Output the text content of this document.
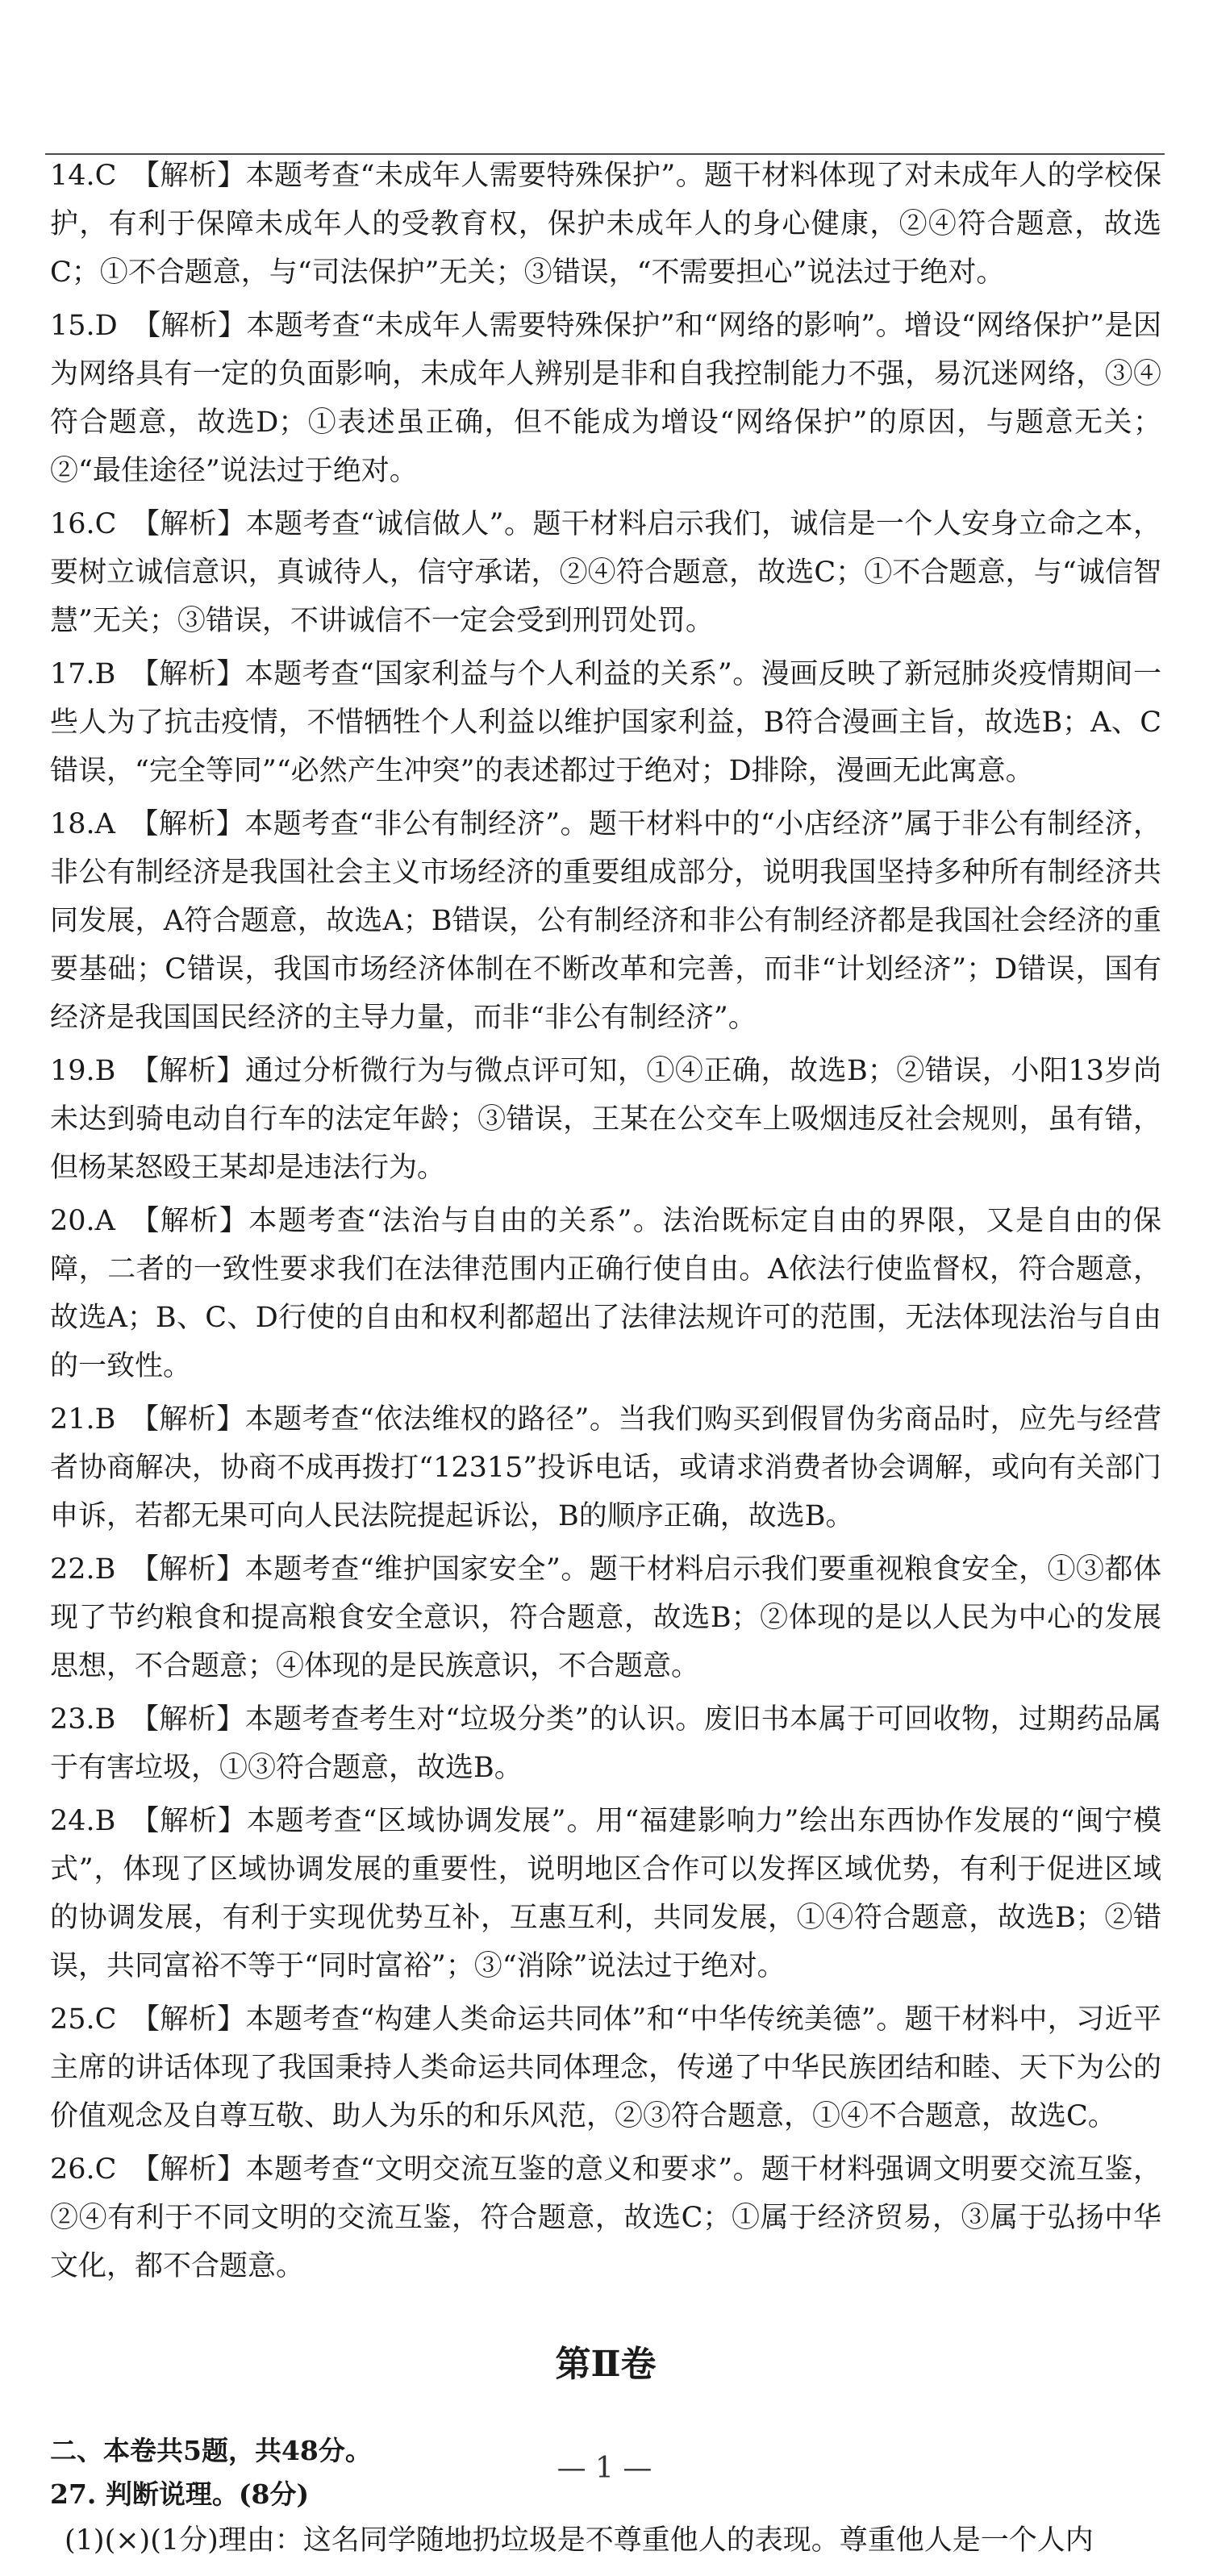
14.C 【解析】本题考查“未成年人需要特殊保护”。题干材料体现了对未成年人的学校保护，有利于保障未成年人的受教育权，保护未成年人的身心健康，②④符合题意，故选C；①不合题意，与“司法保护”无关；③错误，“不需要担心”说法过于绝对。

15.D 【解析】本题考查“未成年人需要特殊保护”和“网络的影响”。增设“网络保护”是因为网络具有一定的负面影响，未成年人辨别是非和自我控制能力不强，易沉迷网络，③④符合题意，故选D；①表述虽正确，但不能成为增设“网络保护”的原因，与题意无关；②“最佳途径”说法过于绝对。

16.C 【解析】本题考查“诚信做人”。题干材料启示我们，诚信是一个人安身立命之本，要树立诚信意识，真诚待人，信守承诺，②④符合题意，故选C；①不合题意，与“诚信智慧”无关；③错误，不讲诚信不一定会受到刑罚处罚。

17.B 【解析】本题考查“国家利益与个人利益的关系”。漫画反映了新冠肺炎疫情期间一些人为了抗击疫情，不惜牺牲个人利益以维护国家利益，B符合漫画主旨，故选B；A、C错误，“完全等同”“必然产生冲突”的表述都过于绝对；D排除，漫画无此寓意。

18.A 【解析】本题考查“非公有制经济”。题干材料中的“小店经济”属于非公有制经济，非公有制经济是我国社会主义市场经济的重要组成部分，说明我国坚持多种所有制经济共同发展，A符合题意，故选A；B错误，公有制经济和非公有制经济都是我国社会经济的重要基础；C错误，我国市场经济体制在不断改革和完善，而非“计划经济”；D错误，国有经济是我国国民经济的主导力量，而非“非公有制经济”。

19.B 【解析】通过分析微行为与微点评可知，①④正确，故选B；②错误，小阳13岁尚未达到骑电动自行车的法定年龄；③错误，王某在公交车上吸烟违反社会规则，虽有错，但杨某怒殴王某却是违法行为。

20.A 【解析】本题考查“法治与自由的关系”。法治既标定自由的界限，又是自由的保障，二者的一致性要求我们在法律范围内正确行使自由。A依法行使监督权，符合题意，故选A；B、C、D行使的自由和权利都超出了法律法规许可的范围，无法体现法治与自由的一致性。

21.B 【解析】本题考查“依法维权的路径”。当我们购买到假冒伪劣商品时，应先与经营者协商解决，协商不成再拨打“12315”投诉电话，或请求消费者协会调解，或向有关部门申诉，若都无果可向人民法院提起诉讼，B的顺序正确，故选B。

22.B 【解析】本题考查“维护国家安全”。题干材料启示我们要重视粮食安全，①③都体现了节约粮食和提高粮食安全意识，符合题意，故选B；②体现的是以人民为中心的发展思想，不合题意；④体现的是民族意识，不合题意。

23.B 【解析】本题考查考生对“垃圾分类”的认识。废旧书本属于可回收物，过期药品属于有害垃圾，①③符合题意，故选B。

24.B 【解析】本题考查“区域协调发展”。用“福建影响力”绘出东西协作发展的“闽宁模式”，体现了区域协调发展的重要性，说明地区合作可以发挥区域优势，有利于促进区域的协调发展，有利于实现优势互补，互惠互利，共同发展，①④符合题意，故选B；②错误，共同富裕不等于“同时富裕”；③“消除”说法过于绝对。

25.C 【解析】本题考查“构建人类命运共同体”和“中华传统美德”。题干材料中，习近平主席的讲话体现了我国秉持人类命运共同体理念，传递了中华民族团结和睦、天下为公的价值观念及自尊互敬、助人为乐的和乐风范，②③符合题意，①④不合题意，故选C。

26.C 【解析】本题考查“文明交流互鉴的意义和要求”。题干材料强调文明要交流互鉴，②④有利于不同文明的交流互鉴，符合题意，故选C；①属于经济贸易，③属于弘扬中华文化，都不合题意。

第Ⅱ卷

二、本卷共5题，共48分。

27. 判断说理。(8分)

(1)(×)(1分)理由：这名同学随地扔垃圾是不尊重他人的表现。尊重他人是一个人内

— 1 —
